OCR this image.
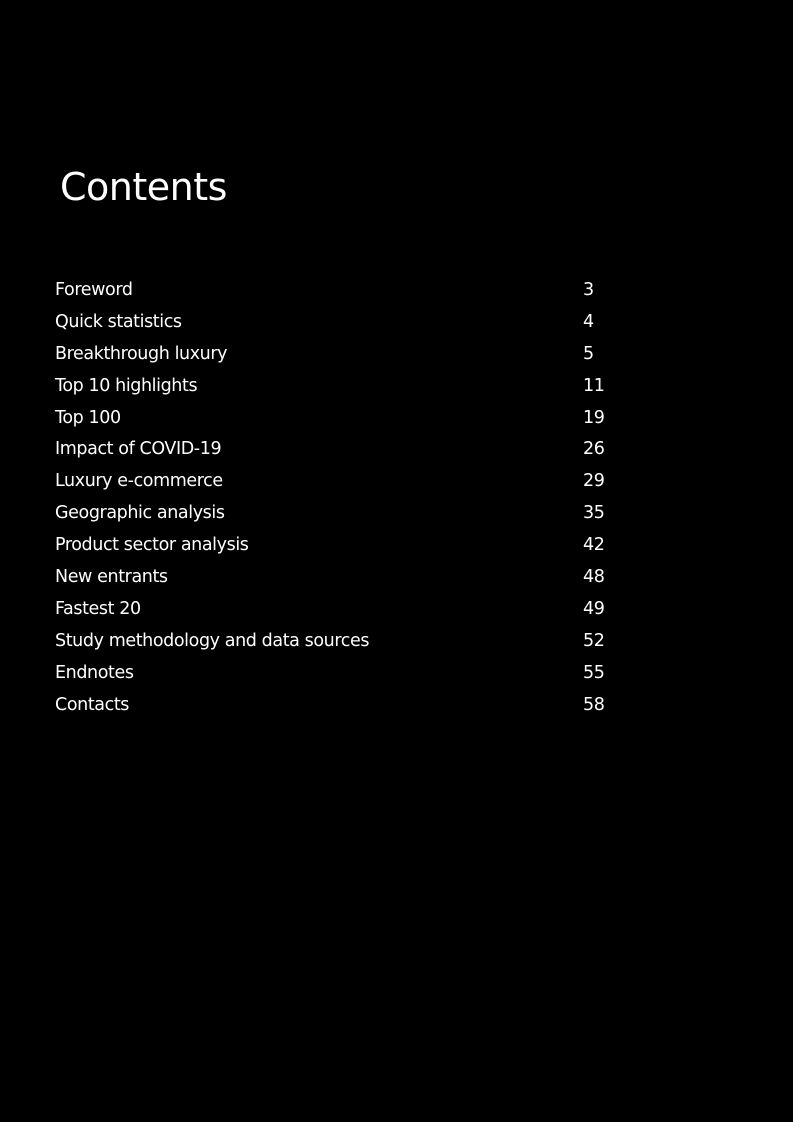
Contents
Foreword	3
Quick statistics	4
Breakthrough luxury	5
Top 10 highlights	11
Top 100	19
Impact of COVID-19	26
Luxury e-commerce	29
Geographic analysis	35
Product sector analysis	42
New entrants	48
Fastest 20	49
Study methodology and data sources	52
Endnotes	55
Contacts	58
